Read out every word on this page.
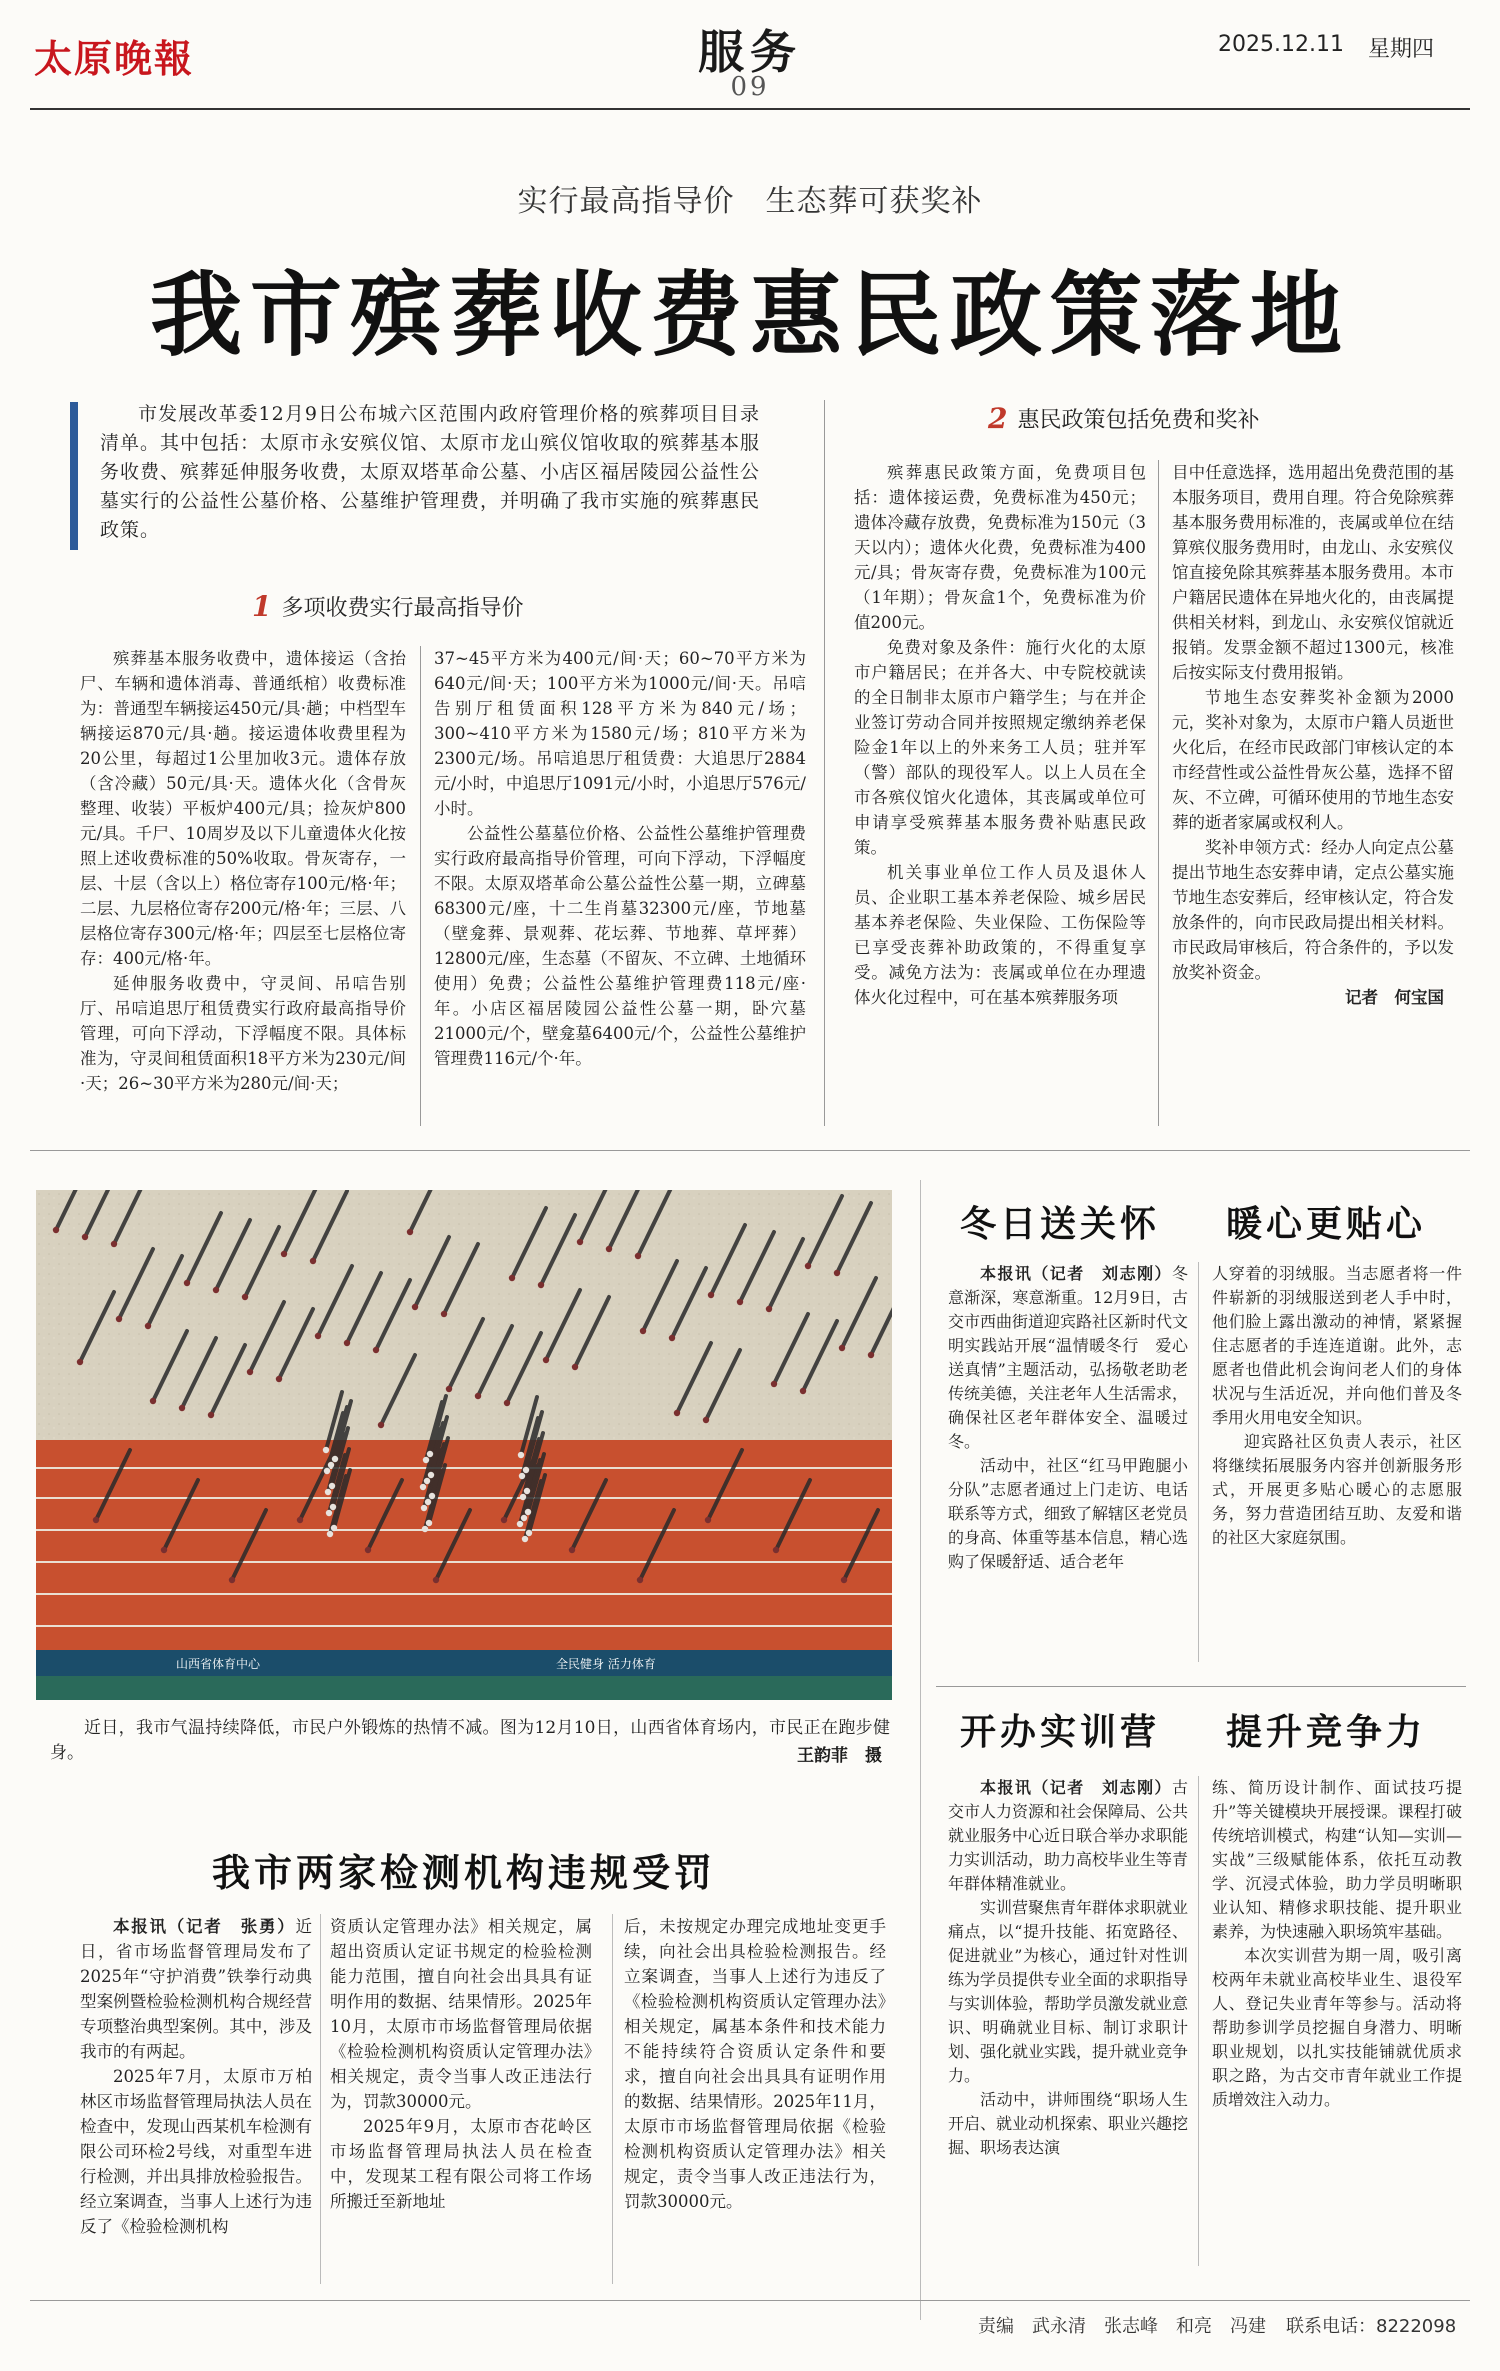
太原晚報	服务
09
2025.12.11 星期四
实行最高指导价　生态葬可获奖补
我市殡葬收费惠民政策落地
市发展改革委12月9日公布城六区范围内政府管理价格的殡葬项目目录清单。其中包括：太原市永安殡仪馆、太原市龙山殡仪馆收取的殡葬基本服务收费、殡葬延伸服务收费，太原双塔革命公墓、小店区福居陵园公益性公墓实行的公益性公墓价格、公墓维护管理费，并明确了我市实施的殡葬惠民政策。
1 多项收费实行最高指导价
2 惠民政策包括免费和奖补

殡葬基本服务收费中，遗体接运（含抬尸、车辆和遗体消毒、普通纸棺）收费标准为：普通型车辆接运450元/具·趟；中档型车辆接运870元/具·趟。接运遗体收费里程为20公里，每超过1公里加收3元。遗体存放（含冷藏）50元/具·天。遗体火化（含骨灰整理、收装）平板炉400元/具；捡灰炉800元/具。千尸、10周岁及以下儿童遗体火化按照上述收费标准的50%收取。骨灰寄存，一层、十层（含以上）格位寄存100元/格·年；二层、九层格位寄存200元/格·年；三层、八层格位寄存300元/格·年；四层至七层格位寄存：400元/格·年。

延伸服务收费中，守灵间、吊唁告别厅、吊唁追思厅租赁费实行政府最高指导价管理，可向下浮动，下浮幅度不限。具体标准为，守灵间租赁面积18平方米为230元/间·天；26~30平方米为280元/间·天；

37~45平方米为400元/间·天；60~70平方米为640元/间·天；100平方米为1000元/间·天。吊唁告别厅租赁面积128平方米为840元/场；300~410平方米为1580元/场；810平方米为2300元/场。吊唁追思厅租赁费：大追思厅2884元/小时，中追思厅1091元/小时，小追思厅576元/小时。

公益性公墓墓位价格、公益性公墓维护管理费实行政府最高指导价管理，可向下浮动，下浮幅度不限。太原双塔革命公墓公益性公墓一期，立碑墓68300元/座，十二生肖墓32300元/座，节地墓（壁龛葬、景观葬、花坛葬、节地葬、草坪葬）12800元/座，生态墓（不留灰、不立碑、土地循环使用）免费；公益性公墓维护管理费118元/座·年。小店区福居陵园公益性公墓一期，卧穴墓21000元/个，壁龛墓6400元/个，公益性公墓维护管理费116元/个·年。

殡葬惠民政策方面，免费项目包括：遗体接运费，免费标准为450元；遗体冷藏存放费，免费标准为150元（3天以内）；遗体火化费，免费标准为400元/具；骨灰寄存费，免费标准为100元（1年期）；骨灰盒1个，免费标准为价值200元。

免费对象及条件：施行火化的太原市户籍居民；在并各大、中专院校就读的全日制非太原市户籍学生；与在并企业签订劳动合同并按照规定缴纳养老保险金1年以上的外来务工人员；驻并军（警）部队的现役军人。以上人员在全市各殡仪馆火化遗体，其丧属或单位可申请享受殡葬基本服务费补贴惠民政策。

机关事业单位工作人员及退休人员、企业职工基本养老保险、城乡居民基本养老保险、失业保险、工伤保险等已享受丧葬补助政策的，不得重复享受。减免方法为：丧属或单位在办理遗体火化过程中，可在基本殡葬服务项

目中任意选择，选用超出免费范围的基本服务项目，费用自理。符合免除殡葬基本服务费用标准的，丧属或单位在结算殡仪服务费用时，由龙山、永安殡仪馆直接免除其殡葬基本服务费用。本市户籍居民遗体在异地火化的，由丧属提供相关材料，到龙山、永安殡仪馆就近报销。发票金额不超过1300元，核准后按实际支付费用报销。

节地生态安葬奖补金额为2000元，奖补对象为，太原市户籍人员逝世火化后，在经市民政部门审核认定的本市经营性或公益性骨灰公墓，选择不留灰、不立碑，可循环使用的节地生态安葬的逝者家属或权利人。

奖补申领方式：经办人向定点公墓提出节地生态安葬申请，定点公墓实施节地生态安葬后，经审核认定，符合发放条件的，向市民政局提出相关材料。市民政局审核后，符合条件的，予以发放奖补资金。

记者　何宝国
山西省体育中心	全民健身 活力体育
近日，我市气温持续降低，市民户外锻炼的热情不减。图为12月10日，山西省体育场内，市民正在跑步健身。	王韵菲　摄
冬日送关怀 暖心更贴心

本报讯（记者　刘志刚）冬意渐深，寒意渐重。12月9日，古交市西曲街道迎宾路社区新时代文明实践站开展“温情暖冬行　爱心送真情”主题活动，弘扬敬老助老传统美德，关注老年人生活需求，确保社区老年群体安全、温暖过冬。

活动中，社区“红马甲跑腿小分队”志愿者通过上门走访、电话联系等方式，细致了解辖区老党员的身高、体重等基本信息，精心选购了保暖舒适、适合老年

人穿着的羽绒服。当志愿者将一件件崭新的羽绒服送到老人手中时，他们脸上露出激动的神情，紧紧握住志愿者的手连连道谢。此外，志愿者也借此机会询问老人们的身体状况与生活近况，并向他们普及冬季用火用电安全知识。

迎宾路社区负责人表示，社区将继续拓展服务内容并创新服务形式，开展更多贴心暖心的志愿服务，努力营造团结互助、友爱和谐的社区大家庭氛围。

开办实训营 提升竞争力

本报讯（记者　刘志刚）古交市人力资源和社会保障局、公共就业服务中心近日联合举办求职能力实训活动，助力高校毕业生等青年群体精准就业。

实训营聚焦青年群体求职就业痛点，以“提升技能、拓宽路径、促进就业”为核心，通过针对性训练为学员提供专业全面的求职指导与实训体验，帮助学员激发就业意识、明确就业目标、制订求职计划、强化就业实践，提升就业竞争力。

活动中，讲师围绕“职场人生开启、就业动机探索、职业兴趣挖掘、职场表达演

练、简历设计制作、面试技巧提升”等关键模块开展授课。课程打破传统培训模式，构建“认知—实训—实战”三级赋能体系，依托互动教学、沉浸式体验，助力学员明晰职业认知、精修求职技能、提升职业素养，为快速融入职场筑牢基础。

本次实训营为期一周，吸引离校两年未就业高校毕业生、退役军人、登记失业青年等参与。活动将帮助参训学员挖掘自身潜力、明晰职业规划，以扎实技能铺就优质求职之路，为古交市青年就业工作提质增效注入动力。

我市两家检测机构违规受罚

本报讯（记者　张勇）近日，省市场监督管理局发布了2025年“守护消费”铁拳行动典型案例暨检验检测机构合规经营专项整治典型案例。其中，涉及我市的有两起。

2025年7月，太原市万柏林区市场监督管理局执法人员在检查中，发现山西某机车检测有限公司环检2号线，对重型车进行检测，并出具排放检验报告。经立案调查，当事人上述行为违反了《检验检测机构

资质认定管理办法》相关规定，属超出资质认定证书规定的检验检测能力范围，擅自向社会出具具有证明作用的数据、结果情形。2025年10月，太原市市场监督管理局依据《检验检测机构资质认定管理办法》相关规定，责令当事人改正违法行为，罚款30000元。

2025年9月，太原市杏花岭区市场监督管理局执法人员在检查中，发现某工程有限公司将工作场所搬迁至新地址

后，未按规定办理完成地址变更手续，向社会出具检验检测报告。经立案调查，当事人上述行为违反了《检验检测机构资质认定管理办法》相关规定，属基本条件和技术能力不能持续符合资质认定条件和要求，擅自向社会出具具有证明作用的数据、结果情形。2025年11月，太原市市场监督管理局依据《检验检测机构资质认定管理办法》相关规定，责令当事人改正违法行为，罚款30000元。

责编　武永清　张志峰　和亮　冯建 联系电话：8222098
